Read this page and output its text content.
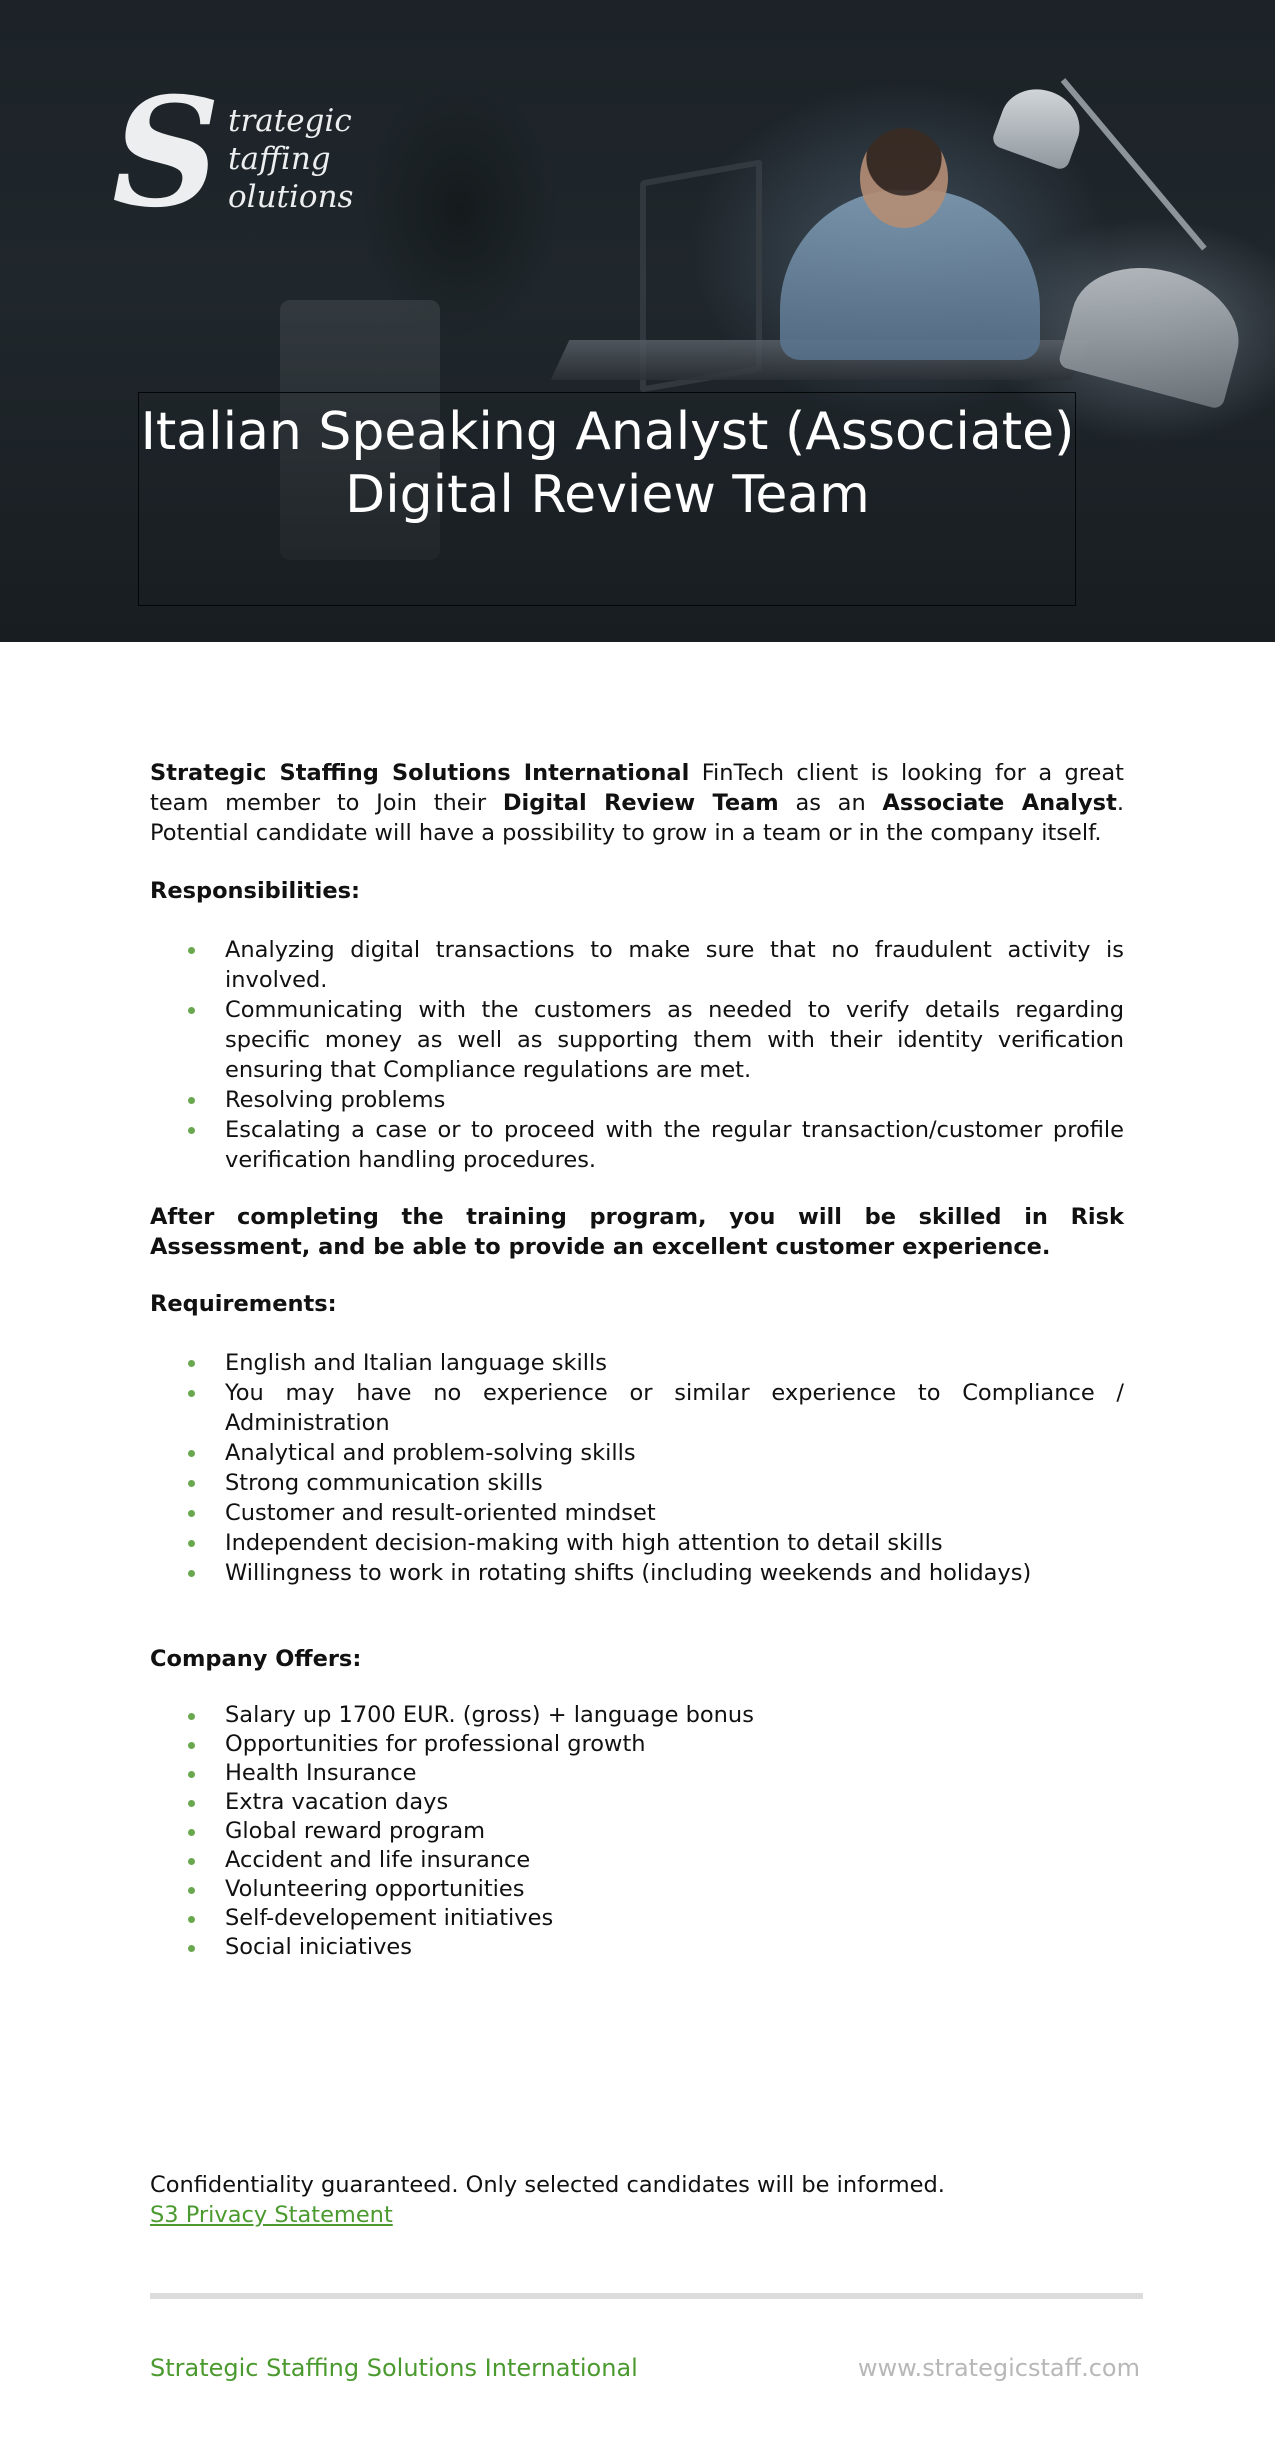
S trategic
taffing
olutions
Italian Speaking Analyst (Associate)
Digital Review Team

Strategic Staffing Solutions International FinTech client is looking for a great team member to Join their Digital Review Team as an Associate Analyst. Potential candidate will have a possibility to grow in a team or in the company itself.

Responsibilities:

Analyzing digital transactions to make sure that no fraudulent activity is involved.
Communicating with the customers as needed to verify details regarding specific money as well as supporting them with their identity verification ensuring that Compliance regulations are met.
Resolving problems
Escalating a case or to proceed with the regular transaction/customer profile verification handling procedures.

After completing the training program, you will be skilled in Risk Assessment, and be able to provide an excellent customer experience.

Requirements:

English and Italian language skills
You may have no experience or similar experience to Compliance / Administration
Analytical and problem-solving skills
Strong communication skills
Customer and result-oriented mindset
Independent decision-making with high attention to detail skills
Willingness to work in rotating shifts (including weekends and holidays)

Company Offers:

Salary up 1700 EUR. (gross) + language bonus
Opportunities for professional growth
Health Insurance
Extra vacation days
Global reward program
Accident and life insurance
Volunteering opportunities
Self-developement initiatives
Social iniciatives
Confidentiality guaranteed. Only selected candidates will be informed.
S3 Privacy Statement
Strategic Staffing Solutions International	www.strategicstaff.com
